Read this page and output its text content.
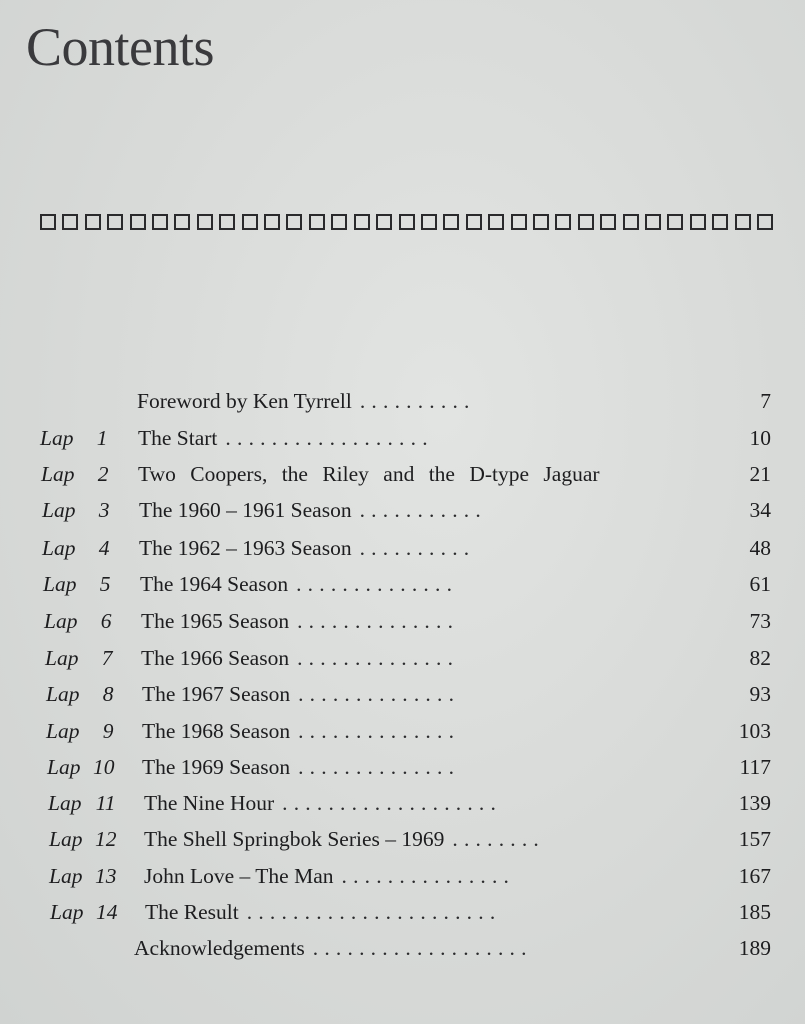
Contents
Foreword by Ken Tyrrell ..........	7
Lap 1 The Start ..................	10
Lap 2 Two Coopers, the Riley and the D-type Jaguar	21
Lap 3 The 1960 – 1961 Season ...........	34
Lap 4 The 1962 – 1963 Season ..........	48
Lap 5 The 1964 Season ..............	61
Lap 6 The 1965 Season ..............	73
Lap 7 The 1966 Season ..............	82
Lap 8 The 1967 Season ..............	93
Lap 9 The 1968 Season ..............	103
Lap 10 The 1969 Season ..............	117
Lap 11 The Nine Hour ...................	139
Lap 12 The Shell Springbok Series – 1969 ........	157
Lap 13 John Love – The Man ...............	167
Lap 14 The Result ......................	185
Acknowledgements ...................	189
